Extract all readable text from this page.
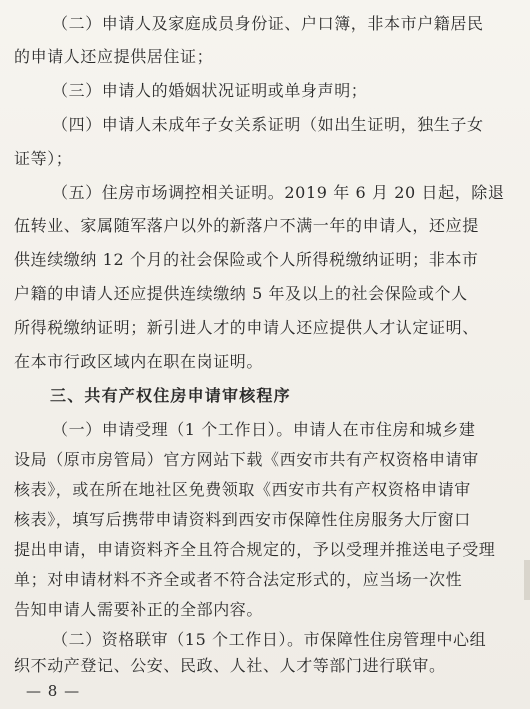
（二）申请人及家庭成员身份证、户口簿，非本市户籍居民
的申请人还应提供居住证；
（三）申请人的婚姻状况证明或单身声明；
（四）申请人未成年子女关系证明（如出生证明，独生子女
证等）；
（五）住房市场调控相关证明。2019 年 6 月 20 日起，除退
伍转业、家属随军落户以外的新落户不满一年的申请人，还应提
供连续缴纳 12 个月的社会保险或个人所得税缴纳证明；非本市
户籍的申请人还应提供连续缴纳 5 年及以上的社会保险或个人
所得税缴纳证明；新引进人才的申请人还应提供人才认定证明、
在本市行政区域内在职在岗证明。
三、共有产权住房申请审核程序
（一）申请受理（1 个工作日）。申请人在市住房和城乡建
设局（原市房管局）官方网站下载《西安市共有产权资格申请审
核表》，或在所在地社区免费领取《西安市共有产权资格申请审
核表》，填写后携带申请资料到西安市保障性住房服务大厅窗口
提出申请，申请资料齐全且符合规定的，予以受理并推送电子受理
单；对申请材料不齐全或者不符合法定形式的，应当场一次性
告知申请人需要补正的全部内容。
（二）资格联审（15 个工作日）。市保障性住房管理中心组
— 8 —
织不动产登记、公安、民政、人社、人才等部门进行联审。
